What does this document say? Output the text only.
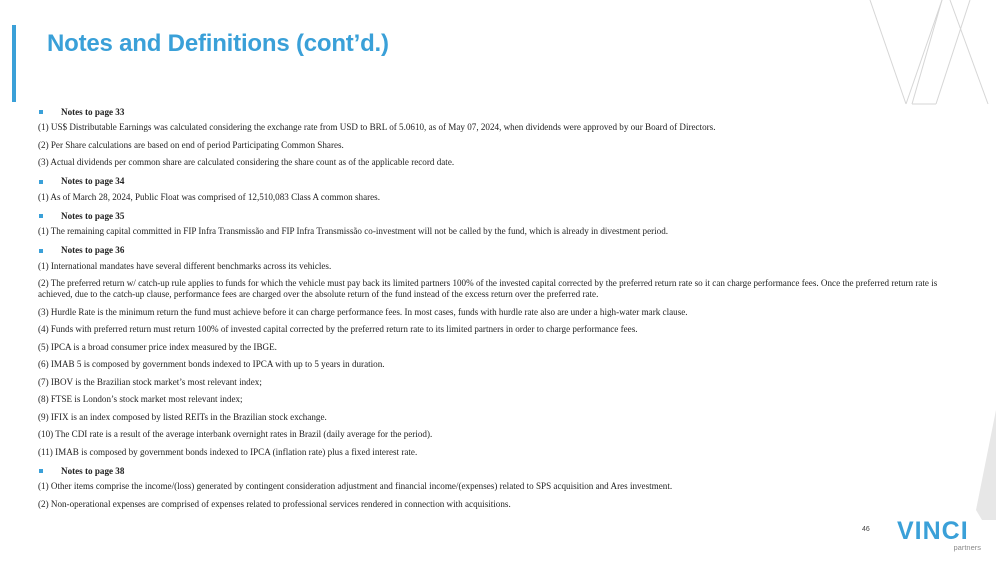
Notes and Definitions (cont’d.)
Notes to page 33
(1) US$ Distributable Earnings was calculated considering the exchange rate from USD to BRL of 5.0610, as of May 07, 2024, when dividends were approved by our Board of Directors.
(2) Per Share calculations are based on end of period Participating Common Shares.
(3) Actual dividends per common share are calculated considering the share count as of the applicable record date.
Notes to page 34
(1) As of March 28, 2024, Public Float was comprised of 12,510,083 Class A common shares.
Notes to page 35
(1) The remaining capital committed in FIP Infra Transmissão and FIP Infra Transmissão co-investment will not be called by the fund, which is already in divestment period.
Notes to page 36
(1) International mandates have several different benchmarks across its vehicles.
(2) The preferred return w/ catch-up rule applies to funds for which the vehicle must pay back its limited partners 100% of the invested capital corrected by the preferred return rate so it can charge performance fees. Once the preferred return rate is achieved, due to the catch-up clause, performance fees are charged over the absolute return of the fund instead of the excess return over the preferred rate.
(3) Hurdle Rate is the minimum return the fund must achieve before it can charge performance fees. In most cases, funds with hurdle rate also are under a high-water mark clause.
(4) Funds with preferred return must return 100% of invested capital corrected by the preferred return rate to its limited partners in order to charge performance fees.
(5) IPCA is a broad consumer price index measured by the IBGE.
(6) IMAB 5 is composed by government bonds indexed to IPCA with up to 5 years in duration.
(7) IBOV is the Brazilian stock market’s most relevant index;
(8) FTSE is London’s stock market most relevant index;
(9) IFIX is an index composed by listed REITs in the Brazilian stock exchange.
(10) The CDI rate is a result of the average interbank overnight rates in Brazil (daily average for the period).
(11) IMAB is composed by government bonds indexed to IPCA (inflation rate) plus a fixed interest rate.
Notes to page 38
(1) Other items comprise the income/(loss) generated by contingent consideration adjustment and financial income/(expenses) related to SPS acquisition and Ares investment.
(2) Non-operational expenses are comprised of expenses related to professional services rendered in connection with acquisitions.
46 VINCI
partners
